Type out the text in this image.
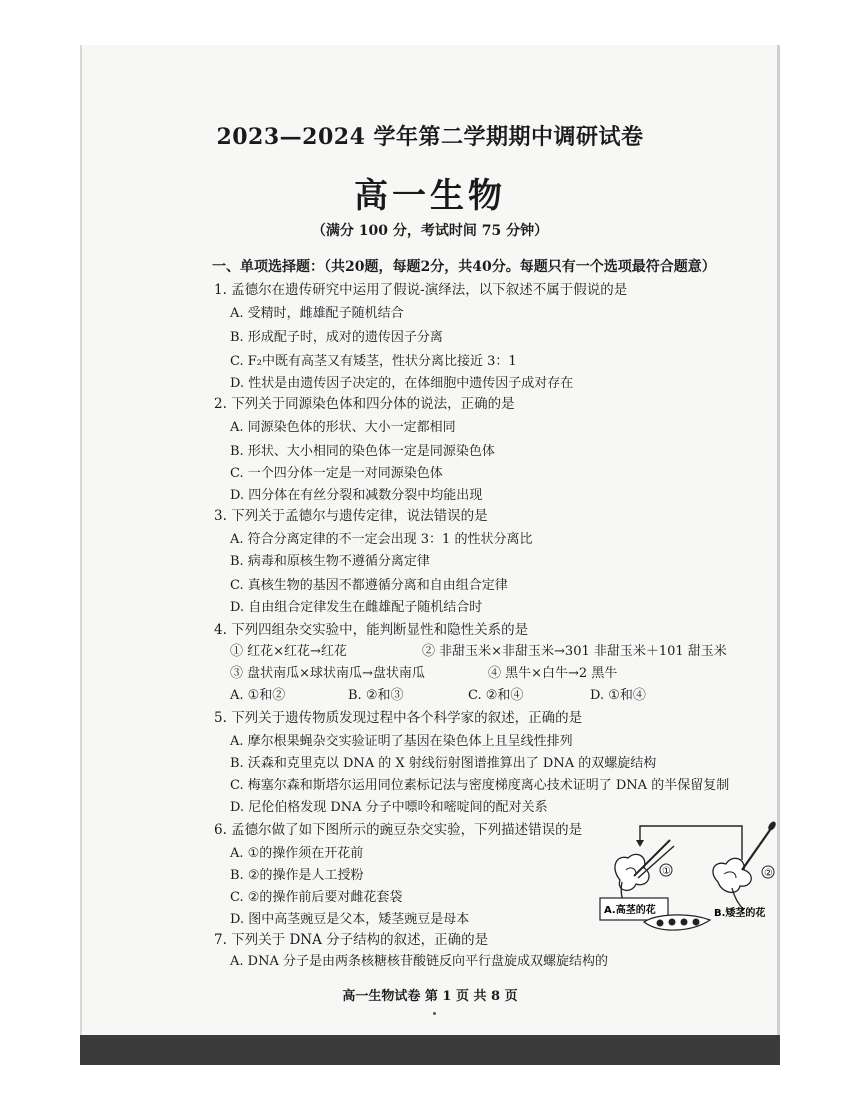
2023—2024 学年第二学期期中调研试卷
高一生物
（满分 100 分，考试时间 75 分钟）
一、单项选择题：（共20题，每题2分，共40分。每题只有一个选项最符合题意）
1. 孟德尔在遗传研究中运用了假说-演绎法，以下叙述不属于假说的是
A. 受精时，雌雄配子随机结合
B. 形成配子时，成对的遗传因子分离
C. F₂中既有高茎又有矮茎，性状分离比接近 3：1
D. 性状是由遗传因子决定的，在体细胞中遗传因子成对存在
2. 下列关于同源染色体和四分体的说法，正确的是
A. 同源染色体的形状、大小一定都相同
B. 形状、大小相同的染色体一定是同源染色体
C. 一个四分体一定是一对同源染色体
D. 四分体在有丝分裂和减数分裂中均能出现
3. 下列关于孟德尔与遗传定律，说法错误的是
A. 符合分离定律的不一定会出现 3：1 的性状分离比
B. 病毒和原核生物不遵循分离定律
C. 真核生物的基因不都遵循分离和自由组合定律
D. 自由组合定律发生在雌雄配子随机结合时
4. 下列四组杂交实验中，能判断显性和隐性关系的是
① 红花×红花→红花	② 非甜玉米×非甜玉米→301 非甜玉米＋101 甜玉米
③ 盘状南瓜×球状南瓜→盘状南瓜	④ 黑牛×白牛→2 黑牛
A. ①和②	B. ②和③	C. ②和④	D. ①和④
5. 下列关于遗传物质发现过程中各个科学家的叙述，正确的是
A. 摩尔根果蝇杂交实验证明了基因在染色体上且呈线性排列
B. 沃森和克里克以 DNA 的 X 射线衍射图谱推算出了 DNA 的双螺旋结构
C. 梅塞尔森和斯塔尔运用同位素标记法与密度梯度离心技术证明了 DNA 的半保留复制
D. 尼伦伯格发现 DNA 分子中嘌呤和嘧啶间的配对关系
6. 孟德尔做了如下图所示的豌豆杂交实验，下列描述错误的是
A. ①的操作须在开花前
B. ②的操作是人工授粉
C. ②的操作前后要对雌花套袋
D. 图中高茎豌豆是父本，矮茎豌豆是母本
7. 下列关于 DNA 分子结构的叙述，正确的是
A. DNA 分子是由两条核糖核苷酸链反向平行盘旋成双螺旋结构的
①	②
A.高茎的花	B.矮茎的花
高一生物试卷 第 1 页 共 8 页
